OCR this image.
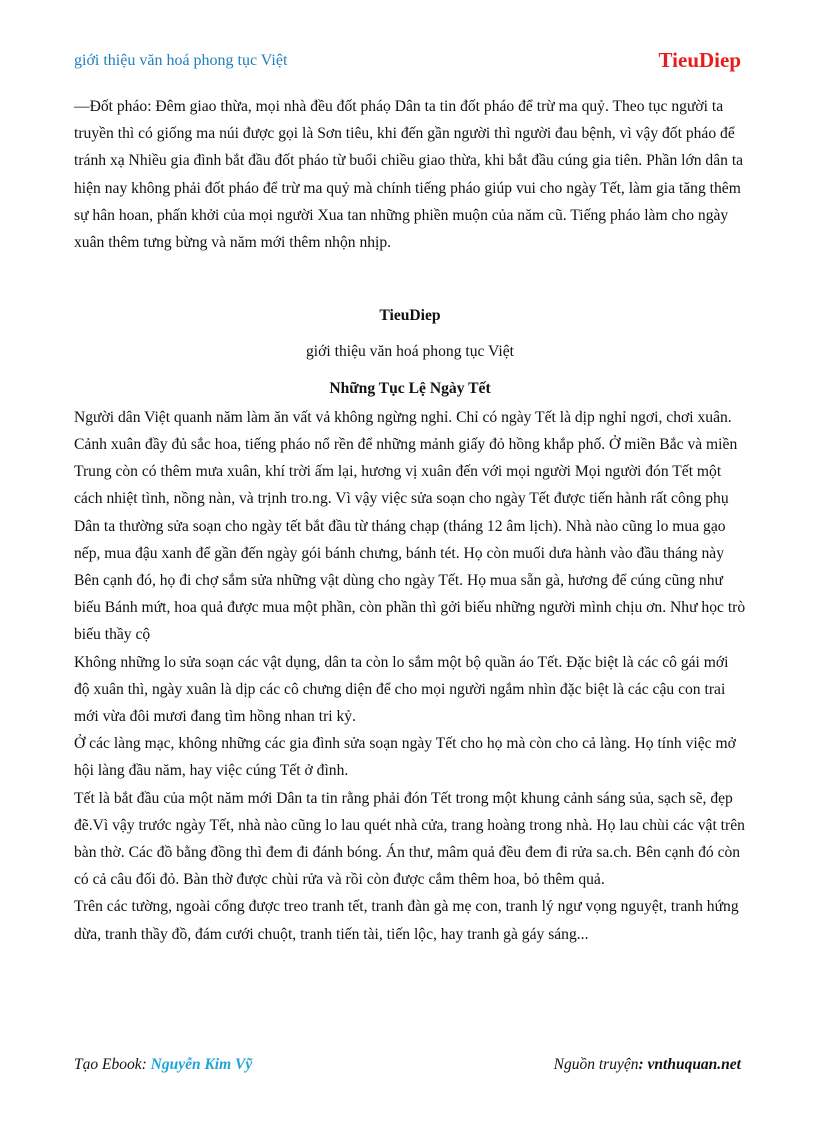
giới thiệu văn hoá phong tục Việt	TieuDiep

—Đốt pháo: Đêm giao thừa, mọi nhà đều đốt pháọ Dân ta tin đốt pháo để trừ ma quỷ. Theo tục người ta truyền thì có giống ma núi được gọi là Sơn tiêu, khi đến gần người thì người đau bệnh, vì vậy đốt pháo để tránh xạ Nhiều gia đình bắt đầu đốt pháo từ buổi chiều giao thừa, khi bắt đầu cúng gia tiên. Phần lớn dân ta hiện nay không phải đốt pháo để trừ ma quỷ mà chính tiếng pháo giúp vui cho ngày Tết, làm gia tăng thêm sự hân hoan, phấn khởi của mọi người Xua tan những phiền muộn của năm cũ. Tiếng pháo làm cho ngày xuân thêm tưng bừng và năm mới thêm nhộn nhịp.

TieuDiep

giới thiệu văn hoá phong tục Việt

Những Tục Lệ Ngày Tết

Người dân Việt quanh năm làm ăn vất vả không ngừng nghỉ. Chỉ có ngày Tết là dịp nghỉ ngơi, chơi xuân. Cảnh xuân đầy đủ sắc hoa, tiếng pháo nổ rền để những mảnh giấy đỏ hồng khắp phố. Ở miền Bắc và miền Trung còn có thêm mưa xuân, khí trời ấm lại, hương vị xuân đến với mọi người Mọi người đón Tết một cách nhiệt tình, nồng nàn, và trịnh tro.ng. Vì vậy việc sửa soạn cho ngày Tết được tiến hành rất công phụ

Dân ta thường sửa soạn cho ngày tết bắt đầu từ tháng chạp (tháng 12 âm lịch). Nhà nào cũng lo mua gạo nếp, mua đậu xanh để gần đến ngày gói bánh chưng, bánh tét. Họ còn muối dưa hành vào đầu tháng này Bên cạnh đó, họ đi chợ sắm sửa những vật dùng cho ngày Tết. Họ mua sẵn gà, hương để cúng cũng như biếu Bánh mứt, hoa quả được mua một phần, còn phần thì gởi biếu những người mình chịu ơn. Như học trò biếu thầy cộ

Không những lo sửa soạn các vật dụng, dân ta còn lo sắm một bộ quần áo Tết. Đặc biệt là các cô gái mới độ xuân thì, ngày xuân là dịp các cô chưng diện để cho mọi người ngắm nhìn đặc biệt là các cậu con trai mới vừa đôi mươi đang tìm hồng nhan tri kỷ.

Ở các làng mạc, không những các gia đình sửa soạn ngày Tết cho họ mà còn cho cả làng. Họ tính việc mở hội làng đầu năm, hay việc cúng Tết ở đình.

Tết là bắt đầu của một năm mới Dân ta tin rằng phải đón Tết trong một khung cảnh sáng sủa, sạch sẽ, đẹp đẽ.Vì vậy trước ngày Tết, nhà nào cũng lo lau quét nhà cửa, trang hoàng trong nhà. Họ lau chùi các vật trên bàn thờ. Các đồ bằng đồng thì đem đi đánh bóng. Án thư, mâm quả đều đem đi rửa sa.ch. Bên cạnh đó còn có cả câu đối đỏ. Bàn thờ được chùi rửa và rồi còn được cắm thêm hoa, bỏ thêm quả.

Trên các tường, ngoài cổng được treo tranh tết, tranh đàn gà mẹ con, tranh lý ngư vọng nguyệt, tranh hứng dừa, tranh thầy đồ, đám cưới chuột, tranh tiến tài, tiến lộc, hay tranh gà gáy sáng...

Tạo Ebook: Nguyễn Kim Vỹ	Nguồn truyện: vnthuquan.net
